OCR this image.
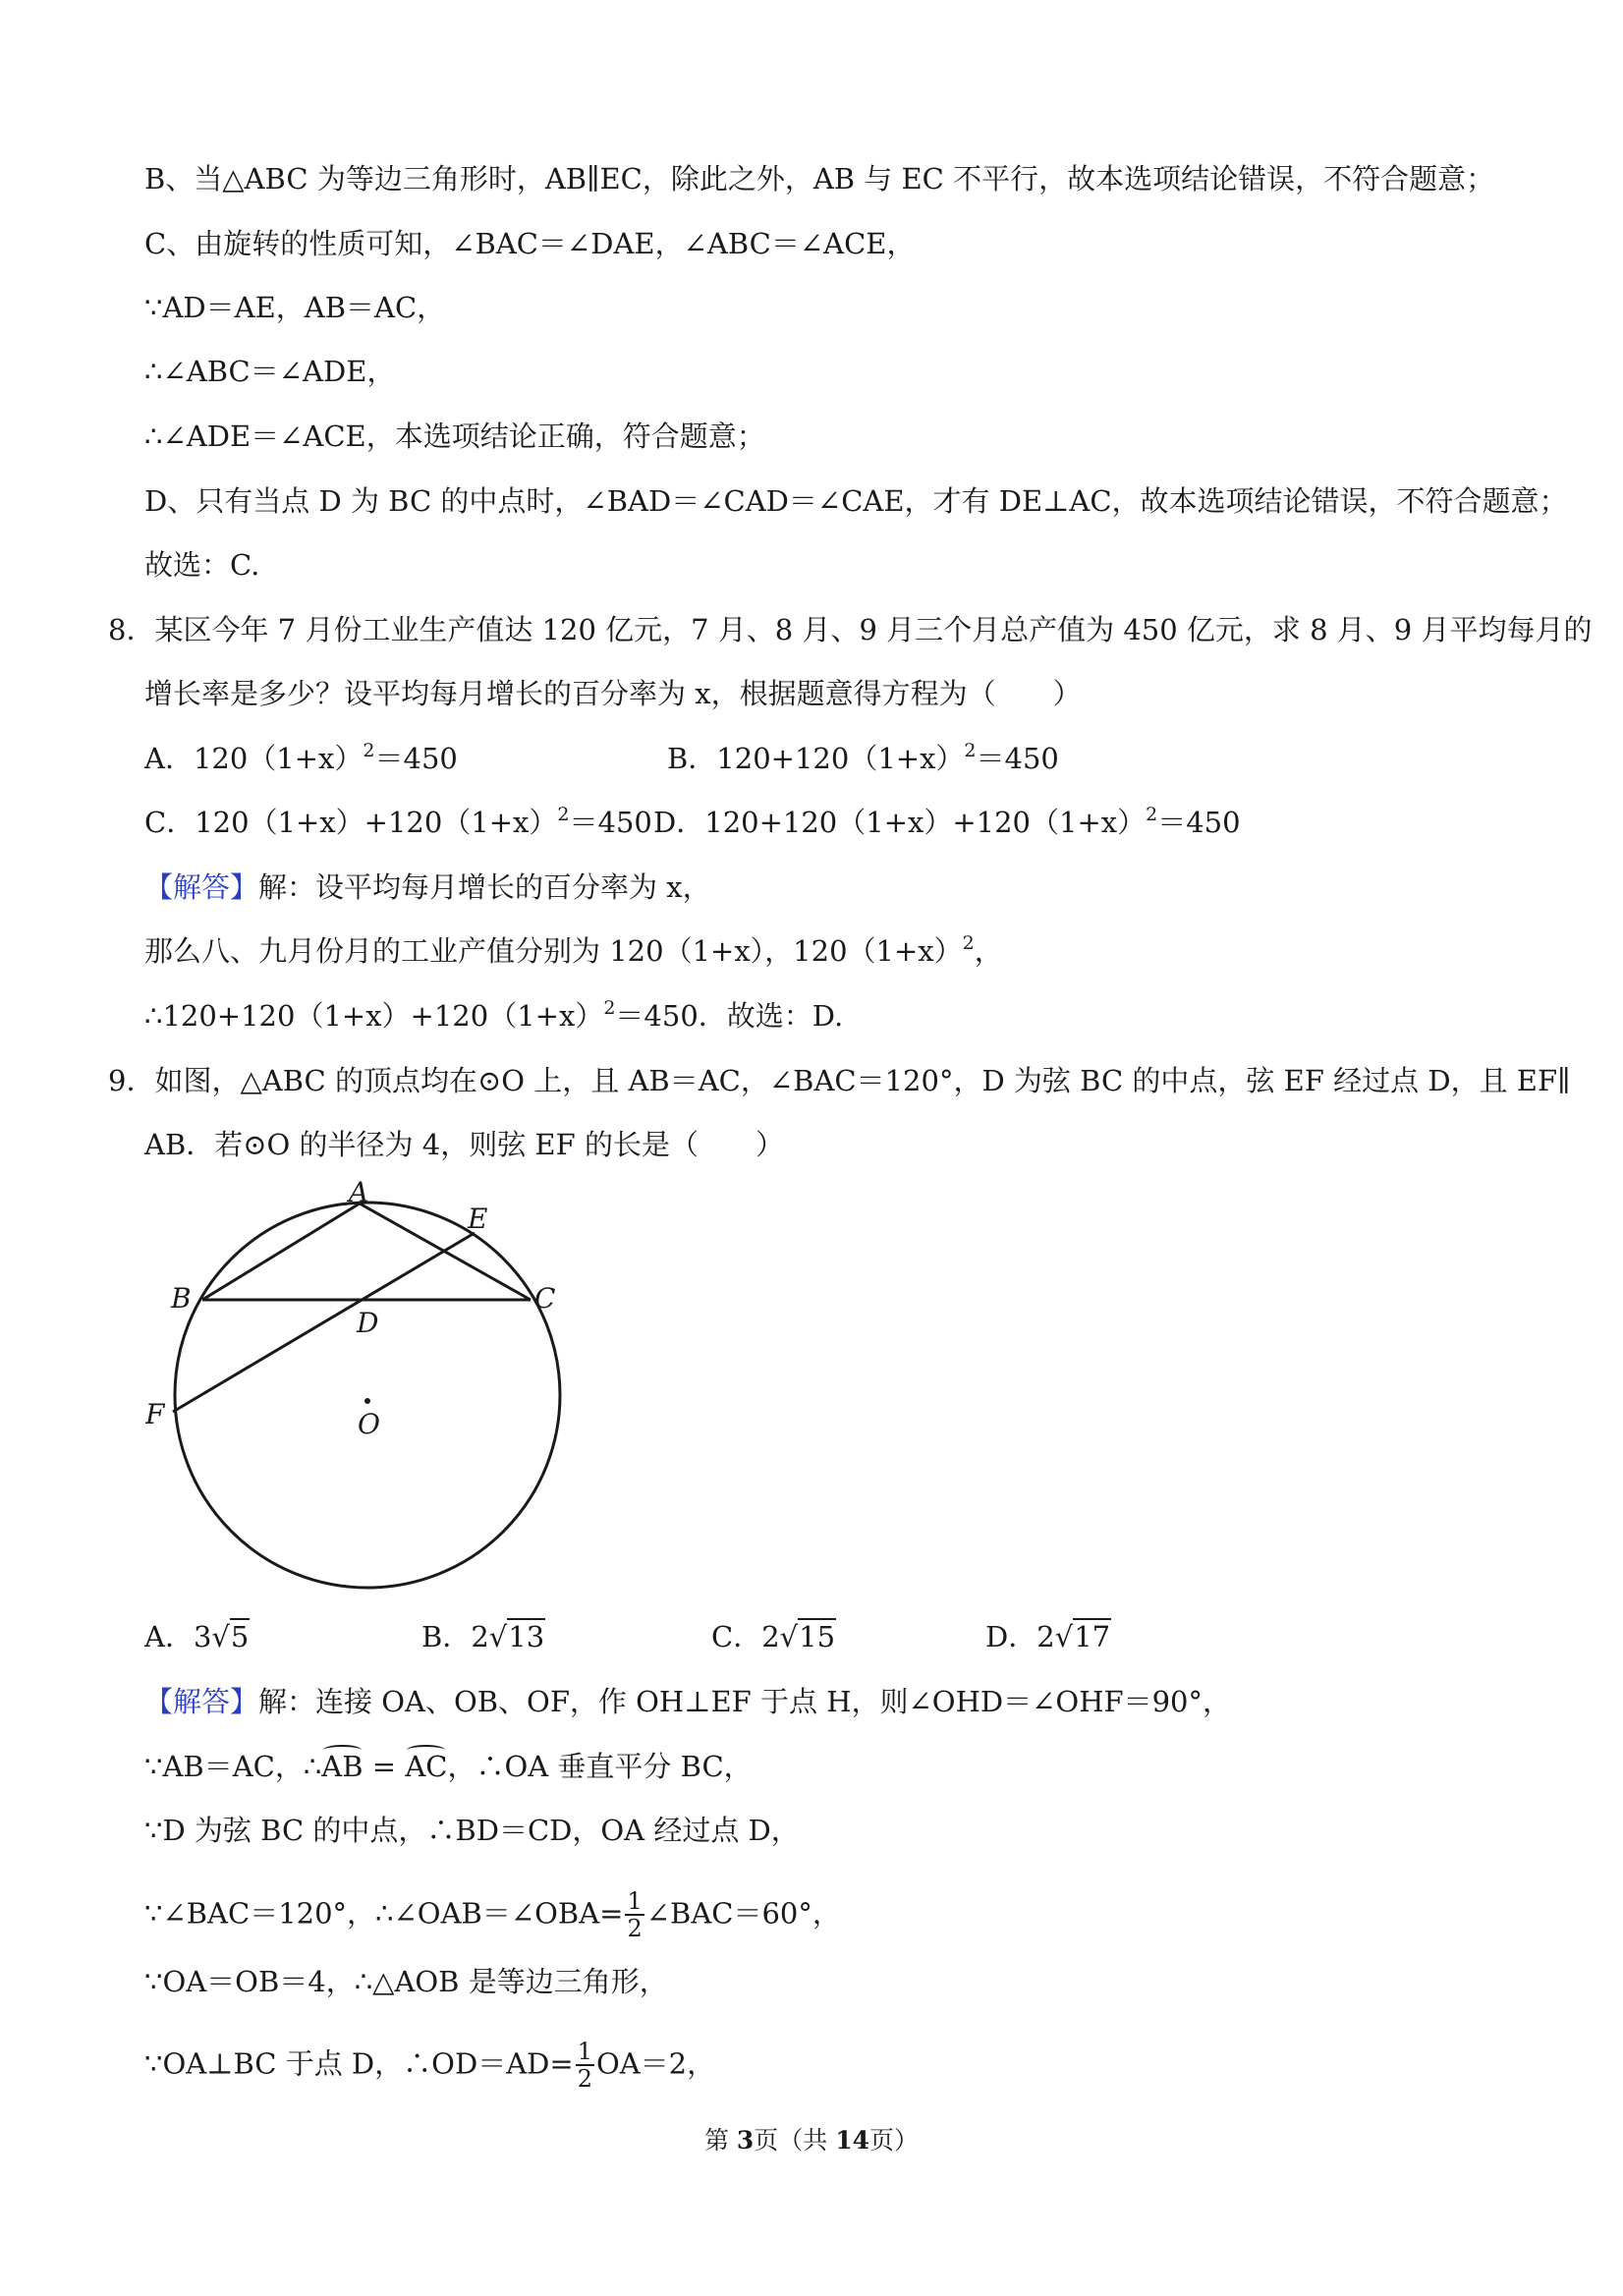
B、当△ABC 为等边三角形时，AB∥EC，除此之外，AB 与 EC 不平行，故本选项结论错误，不符合题意；
C、由旋转的性质可知，∠BAC＝∠DAE，∠ABC＝∠ACE，
∵AD＝AE，AB＝AC，
∴∠ABC＝∠ADE，
∴∠ADE＝∠ACE，本选项结论正确，符合题意；
D、只有当点 D 为 BC 的中点时，∠BAD＝∠CAD＝∠CAE，才有 DE⊥AC，故本选项结论错误，不符合题意；
故选：C.
8．某区今年 7 月份工业生产值达 120 亿元，7 月、8 月、9 月三个月总产值为 450 亿元，求 8 月、9 月平均每月的
增长率是多少？设平均每月增长的百分率为 x，根据题意得方程为（　　）
A．$120(1+x)^2=450$	B．$120+120(1+x)^2=450$
C．$120(1+x)+120(1+x)^2=450$ D．$120+120(1+x)+120(1+x)^2=450$
【解答】解：设平均每月增长的百分率为 x，
那么八、九月份月的工业产值分别为 120（1+x），$120(1+x)^2$，
$\therefore 120+120(1+x)+120(1+x)^2=450$．故选：D.
9．如图，△ABC 的顶点均在⊙O 上，且 AB＝AC，∠BAC＝120°，D 为弦 BC 的中点，弦 EF 经过点 D，且 EF∥
AB．若⊙O 的半径为 4，则弦 EF 的长是（　　）
A
E
B	C
D
F	O
A．3√5	B．2√13	C．2√15	D．2√17
【解答】解：连接 OA、OB、OF，作 OH⊥EF 于点 H，则∠OHD＝∠OHF＝90°，
∵AB＝AC，∴AB = AC，∴OA 垂直平分 BC，
∵D 为弦 BC 的中点，∴BD＝CD，OA 经过点 D，
∵∠BAC＝120°，∴∠OAB＝∠OBA= $\frac{1}{2}$ ∠BAC＝60°，
∵OA＝OB＝4，∴△AOB 是等边三角形，
∵OA⊥BC 于点 D，∴OD＝AD= $\frac{1}{2} OA=2$，
第 3页（共 14页）
